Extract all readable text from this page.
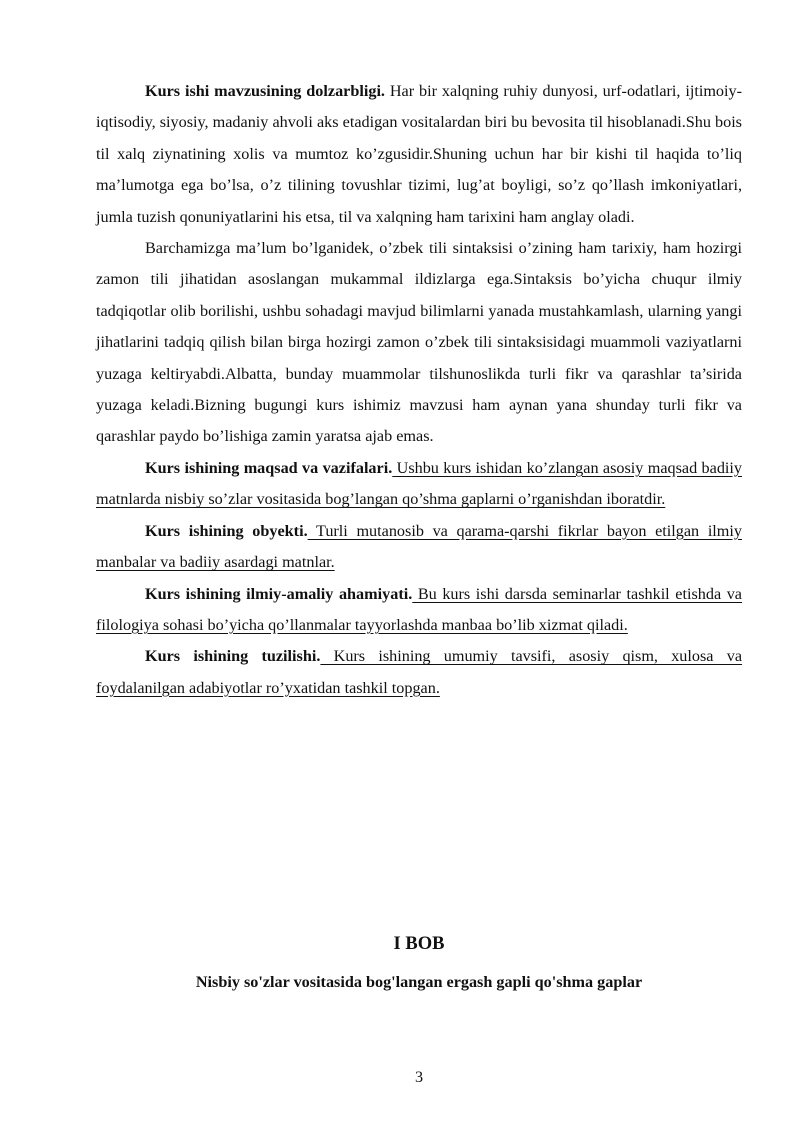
Kurs ishi mavzusining dolzarbligi. Har bir xalqning ruhiy dunyosi, urf-odatlari, ijtimoiy-iqtisodiy, siyosiy, madaniy ahvoli aks etadigan vositalardan biri bu bevosita til hisoblanadi.Shu bois til xalq ziynatining xolis va mumtoz ko’zgusidir.Shuning uchun har bir kishi til haqida to’liq ma’lumotga ega bo’lsa, o’z tilining tovushlar tizimi, lug’at boyligi, so’z qo’llash imkoniyatlari, jumla tuzish qonuniyatlarini his etsa, til va xalqning ham tarixini ham anglay oladi.

Barchamizga ma’lum bo’lganidek, o’zbek tili sintaksisi o’zining ham tarixiy, ham hozirgi zamon tili jihatidan asoslangan mukammal ildizlarga ega.Sintaksis bo’yicha chuqur ilmiy tadqiqotlar olib borilishi, ushbu sohadagi mavjud bilimlarni yanada mustahkamlash, ularning yangi jihatlarini tadqiq qilish bilan birga hozirgi zamon o’zbek tili sintaksisidagi muammoli vaziyatlarni yuzaga keltiryabdi.Albatta, bunday muammolar tilshunoslikda turli fikr va qarashlar ta’sirida yuzaga keladi.Bizning bugungi kurs ishimiz mavzusi ham aynan yana shunday turli fikr va qarashlar paydo bo’lishiga zamin yaratsa ajab emas.

Kurs ishining maqsad va vazifalari. Ushbu kurs ishidan ko’zlangan asosiy maqsad badiiy matnlarda nisbiy so’zlar vositasida bog’langan qo’shma gaplarni o’rganishdan iboratdir.

Kurs ishining obyekti. Turli mutanosib va qarama-qarshi fikrlar bayon etilgan ilmiy manbalar va badiiy asardagi matnlar.

Kurs ishining ilmiy-amaliy ahamiyati. Bu kurs ishi darsda seminarlar tashkil etishda va filologiya sohasi bo’yicha qo’llanmalar tayyorlashda manbaa bo’lib xizmat qiladi.

Kurs ishining tuzilishi. Kurs ishining umumiy tavsifi, asosiy qism, xulosa va foydalanilgan adabiyotlar ro’yxatidan tashkil topgan.

I BOB

Nisbiy so'zlar vositasida bog'langan ergash gapli qo'shma gaplar

3
